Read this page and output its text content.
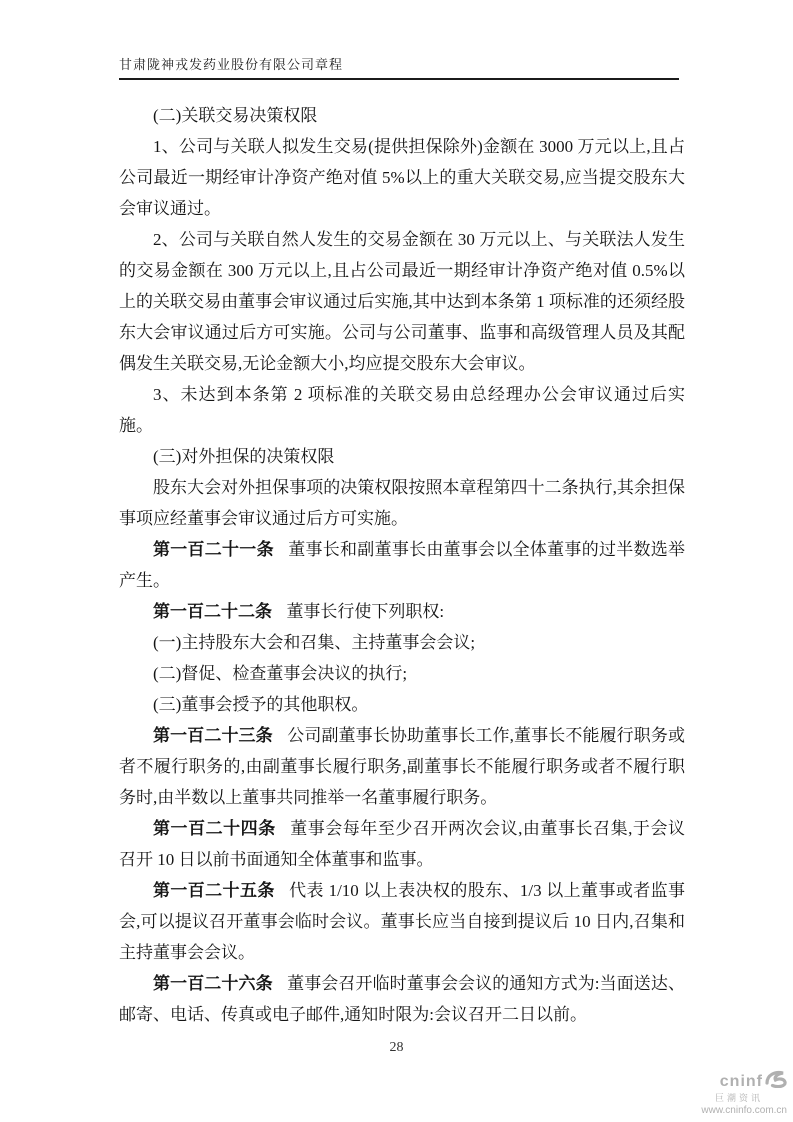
甘肃陇神戎发药业股份有限公司章程

(二)关联交易决策权限

1、公司与关联人拟发生交易(提供担保除外)金额在 3000 万元以上,且占公司最近一期经审计净资产绝对值 5%以上的重大关联交易,应当提交股东大会审议通过。

2、公司与关联自然人发生的交易金额在 30 万元以上、与关联法人发生的交易金额在 300 万元以上,且占公司最近一期经审计净资产绝对值 0.5%以上的关联交易由董事会审议通过后实施,其中达到本条第 1 项标准的还须经股东大会审议通过后方可实施。公司与公司董事、监事和高级管理人员及其配偶发生关联交易,无论金额大小,均应提交股东大会审议。

3、未达到本条第 2 项标准的关联交易由总经理办公会审议通过后实施。

(三)对外担保的决策权限

股东大会对外担保事项的决策权限按照本章程第四十二条执行,其余担保事项应经董事会审议通过后方可实施。

第一百二十一条 董事长和副董事长由董事会以全体董事的过半数选举产生。

第一百二十二条 董事长行使下列职权:

(一)主持股东大会和召集、主持董事会会议;

(二)督促、检查董事会决议的执行;

(三)董事会授予的其他职权。

第一百二十三条 公司副董事长协助董事长工作,董事长不能履行职务或者不履行职务的,由副董事长履行职务,副董事长不能履行职务或者不履行职务时,由半数以上董事共同推举一名董事履行职务。

第一百二十四条 董事会每年至少召开两次会议,由董事长召集,于会议召开 10 日以前书面通知全体董事和监事。

第一百二十五条 代表 1/10 以上表决权的股东、1/3 以上董事或者监事会,可以提议召开董事会临时会议。董事长应当自接到提议后 10 日内,召集和主持董事会会议。

第一百二十六条 董事会召开临时董事会会议的通知方式为:当面送达、邮寄、电话、传真或电子邮件,通知时限为:会议召开二日以前。

28
cninf
巨潮资讯
www.cninfo.com.cn
